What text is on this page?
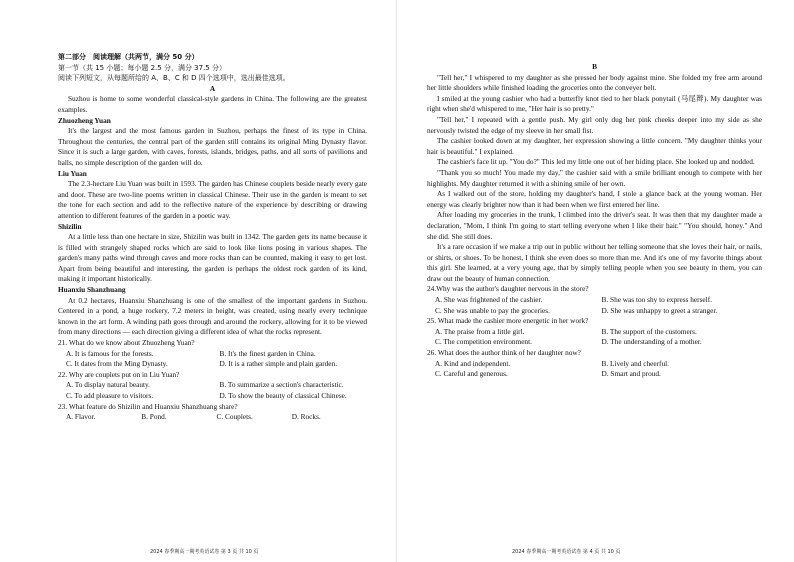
第二部分　阅读理解（共两节，满分 50 分）
第一节（共 15 小题；每小题 2.5 分，满分 37.5 分）
阅读下列短文，从每题所给的 A、B、C 和 D 四个选项中，选出最佳选项。
A

Suzhou is home to some wonderful classical-style gardens in China. The following are the greatest examples.

Zhuozheng Yuan

It's the largest and the most famous garden in Suzhou, perhaps the finest of its type in China. Throughout the centuries, the central part of the garden still contains its original Ming Dynasty flavor. Since it is such a large garden, with caves, forests, islands, bridges, paths, and all sorts of pavilions and halls, no simple description of the garden will do.

Liu Yuan

The 2.3-hectare Liu Yuan was built in 1593. The garden has Chinese couplets beside nearly every gate and door. These are two-line poems written in classical Chinese. Their use in the garden is meant to set the tone for each section and add to the reflective nature of the experience by describing or drawing attention to different features of the garden in a poetic way.

Shizilin

At a little less than one hectare in size, Shizilin was built in 1342. The garden gets its name because it is filled with strangely shaped rocks which are said to look like lions posing in various shapes. The garden's many paths wind through caves and more rocks than can be counted, making it easy to get lost. Apart from being beautiful and interesting, the garden is perhaps the oldest rock garden of its kind, making it important historically.

Huanxiu Shanzhuang

At 0.2 hectares, Huanxiu Shanzhuang is one of the smallest of the important gardens in Suzhou. Centered in a pond, a huge rockery, 7.2 meters in height, was created, using nearly every technique known in the art form. A winding path goes through and around the rockery, allowing for it to be viewed from many directions — each direction giving a different idea of what the rocks represent.

21. What do we know about Zhuozheng Yuan?
A. It is famous for the forests.	B. It's the finest garden in China.
C. It dates from the Ming Dynasty.	D. It is a rather simple and plain garden.
22. Why are couplets put on in Liu Yuan?
A. To display natural beauty.	B. To summarize a section's characteristic.
C. To add pleasure to visitors.	D. To show the beauty of classical Chinese.
23. What feature do Shizilin and Huanxiu Shanzhuang share?
A. Flavor.	B. Pond.	C. Couplets.	D. Rocks.
2024 春季期高一期考英语试卷 第 3 页 共 10 页
B

"Tell her," I whispered to my daughter as she pressed her body against mine. She folded my free arm around her little shoulders while finished loading the groceries onto the conveyer belt.

I smiled at the young cashier who had a butterfly knot tied to her black ponytail (马尾辫). My daughter was right when she'd whispered to me, "Her hair is so pretty."

"Tell her," I repeated with a gentle push. My girl only dug her pink cheeks deeper into my side as she nervously twisted the edge of my sleeve in her small fist.

The cashier looked down at my daughter, her expression showing a little concern. "My daughter thinks your hair is beautiful." I explained.

The cashier's face lit up. "You do?" This led my little one out of her hiding place. She looked up and nodded.

"Thank you so much! You made my day," the cashier said with a smile brilliant enough to compete with her highlights. My daughter returned it with a shining smile of her own.

As I walked out of the store, holding my daughter's hand, I stole a glance back at the young woman. Her energy was clearly brighter now than it had been when we first entered her line.

After loading my groceries in the trunk, I climbed into the driver's seat. It was then that my daughter made a declaration, "Mom, I think I'm going to start telling everyone when I like their hair." "You should, honey." And she did. She still does.

It's a rare occasion if we make a trip out in public without her telling someone that she loves their hair, or nails, or shirts, or shoes. To be honest, I think she even does so more than me. And it's one of my favorite things about this girl. She learned, at a very young age, that by simply telling people when you see beauty in them, you can draw out the beauty of human connection.

24.Why was the author's daughter nervous in the store?
A. She was frightened of the cashier.	B. She was too shy to express herself.
C. She was unable to pay the groceries.	D. She was unhappy to greet a stranger.
25. What made the cashier more energetic in her work?
A. The praise from a little girl.	B. The support of the customers.
C. The competition environment.	D. The understanding of a mother.
26. What does the author think of her daughter now?
A. Kind and independent.	B. Lively and cheerful.
C. Careful and generous.	D. Smart and proud.
2024 春季期高一期考英语试卷 第 4 页 共 10 页
